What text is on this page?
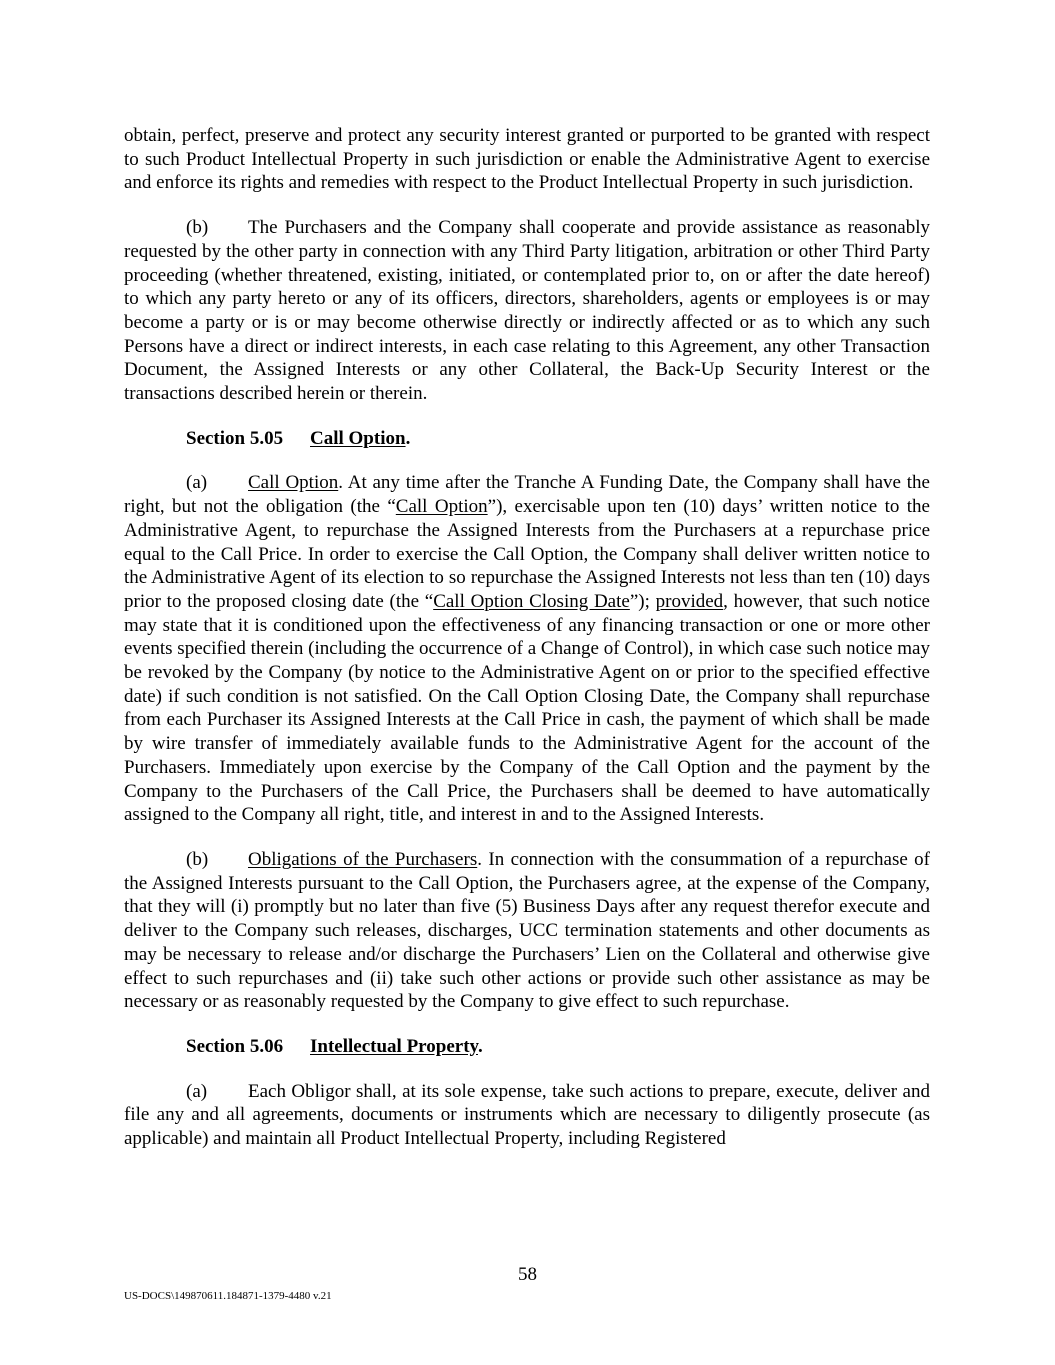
obtain, perfect, preserve and protect any security interest granted or purported to be granted with respect to such Product Intellectual Property in such jurisdiction or enable the Administrative Agent to exercise and enforce its rights and remedies with respect to the Product Intellectual Property in such jurisdiction.

(b) The Purchasers and the Company shall cooperate and provide assistance as reasonably requested by the other party in connection with any Third Party litigation, arbitration or other Third Party proceeding (whether threatened, existing, initiated, or contemplated prior to, on or after the date hereof) to which any party hereto or any of its officers, directors, shareholders, agents or employees is or may become a party or is or may become otherwise directly or indirectly affected or as to which any such Persons have a direct or indirect interests, in each case relating to this Agreement, any other Transaction Document, the Assigned Interests or any other Collateral, the Back-Up Security Interest or the transactions described herein or therein.

Section 5.05 Call Option.

(a) Call Option. At any time after the Tranche A Funding Date, the Company shall have the right, but not the obligation (the “Call Option”), exercisable upon ten (10) days’ written notice to the Administrative Agent, to repurchase the Assigned Interests from the Purchasers at a repurchase price equal to the Call Price. In order to exercise the Call Option, the Company shall deliver written notice to the Administrative Agent of its election to so repurchase the Assigned Interests not less than ten (10) days prior to the proposed closing date (the “Call Option Closing Date”); provided, however, that such notice may state that it is conditioned upon the effectiveness of any financing transaction or one or more other events specified therein (including the occurrence of a Change of Control), in which case such notice may be revoked by the Company (by notice to the Administrative Agent on or prior to the specified effective date) if such condition is not satisfied. On the Call Option Closing Date, the Company shall repurchase from each Purchaser its Assigned Interests at the Call Price in cash, the payment of which shall be made by wire transfer of immediately available funds to the Administrative Agent for the account of the Purchasers. Immediately upon exercise by the Company of the Call Option and the payment by the Company to the Purchasers of the Call Price, the Purchasers shall be deemed to have automatically assigned to the Company all right, title, and interest in and to the Assigned Interests.

(b) Obligations of the Purchasers. In connection with the consummation of a repurchase of the Assigned Interests pursuant to the Call Option, the Purchasers agree, at the expense of the Company, that they will (i) promptly but no later than five (5) Business Days after any request therefor execute and deliver to the Company such releases, discharges, UCC termination statements and other documents as may be necessary to release and/or discharge the Purchasers’ Lien on the Collateral and otherwise give effect to such repurchases and (ii) take such other actions or provide such other assistance as may be necessary or as reasonably requested by the Company to give effect to such repurchase.

Section 5.06 Intellectual Property.

(a) Each Obligor shall, at its sole expense, take such actions to prepare, execute, deliver and file any and all agreements, documents or instruments which are necessary to diligently prosecute (as applicable) and maintain all Product Intellectual Property, including Registered

58
US-DOCS\149870611.184871-1379-4480 v.21
